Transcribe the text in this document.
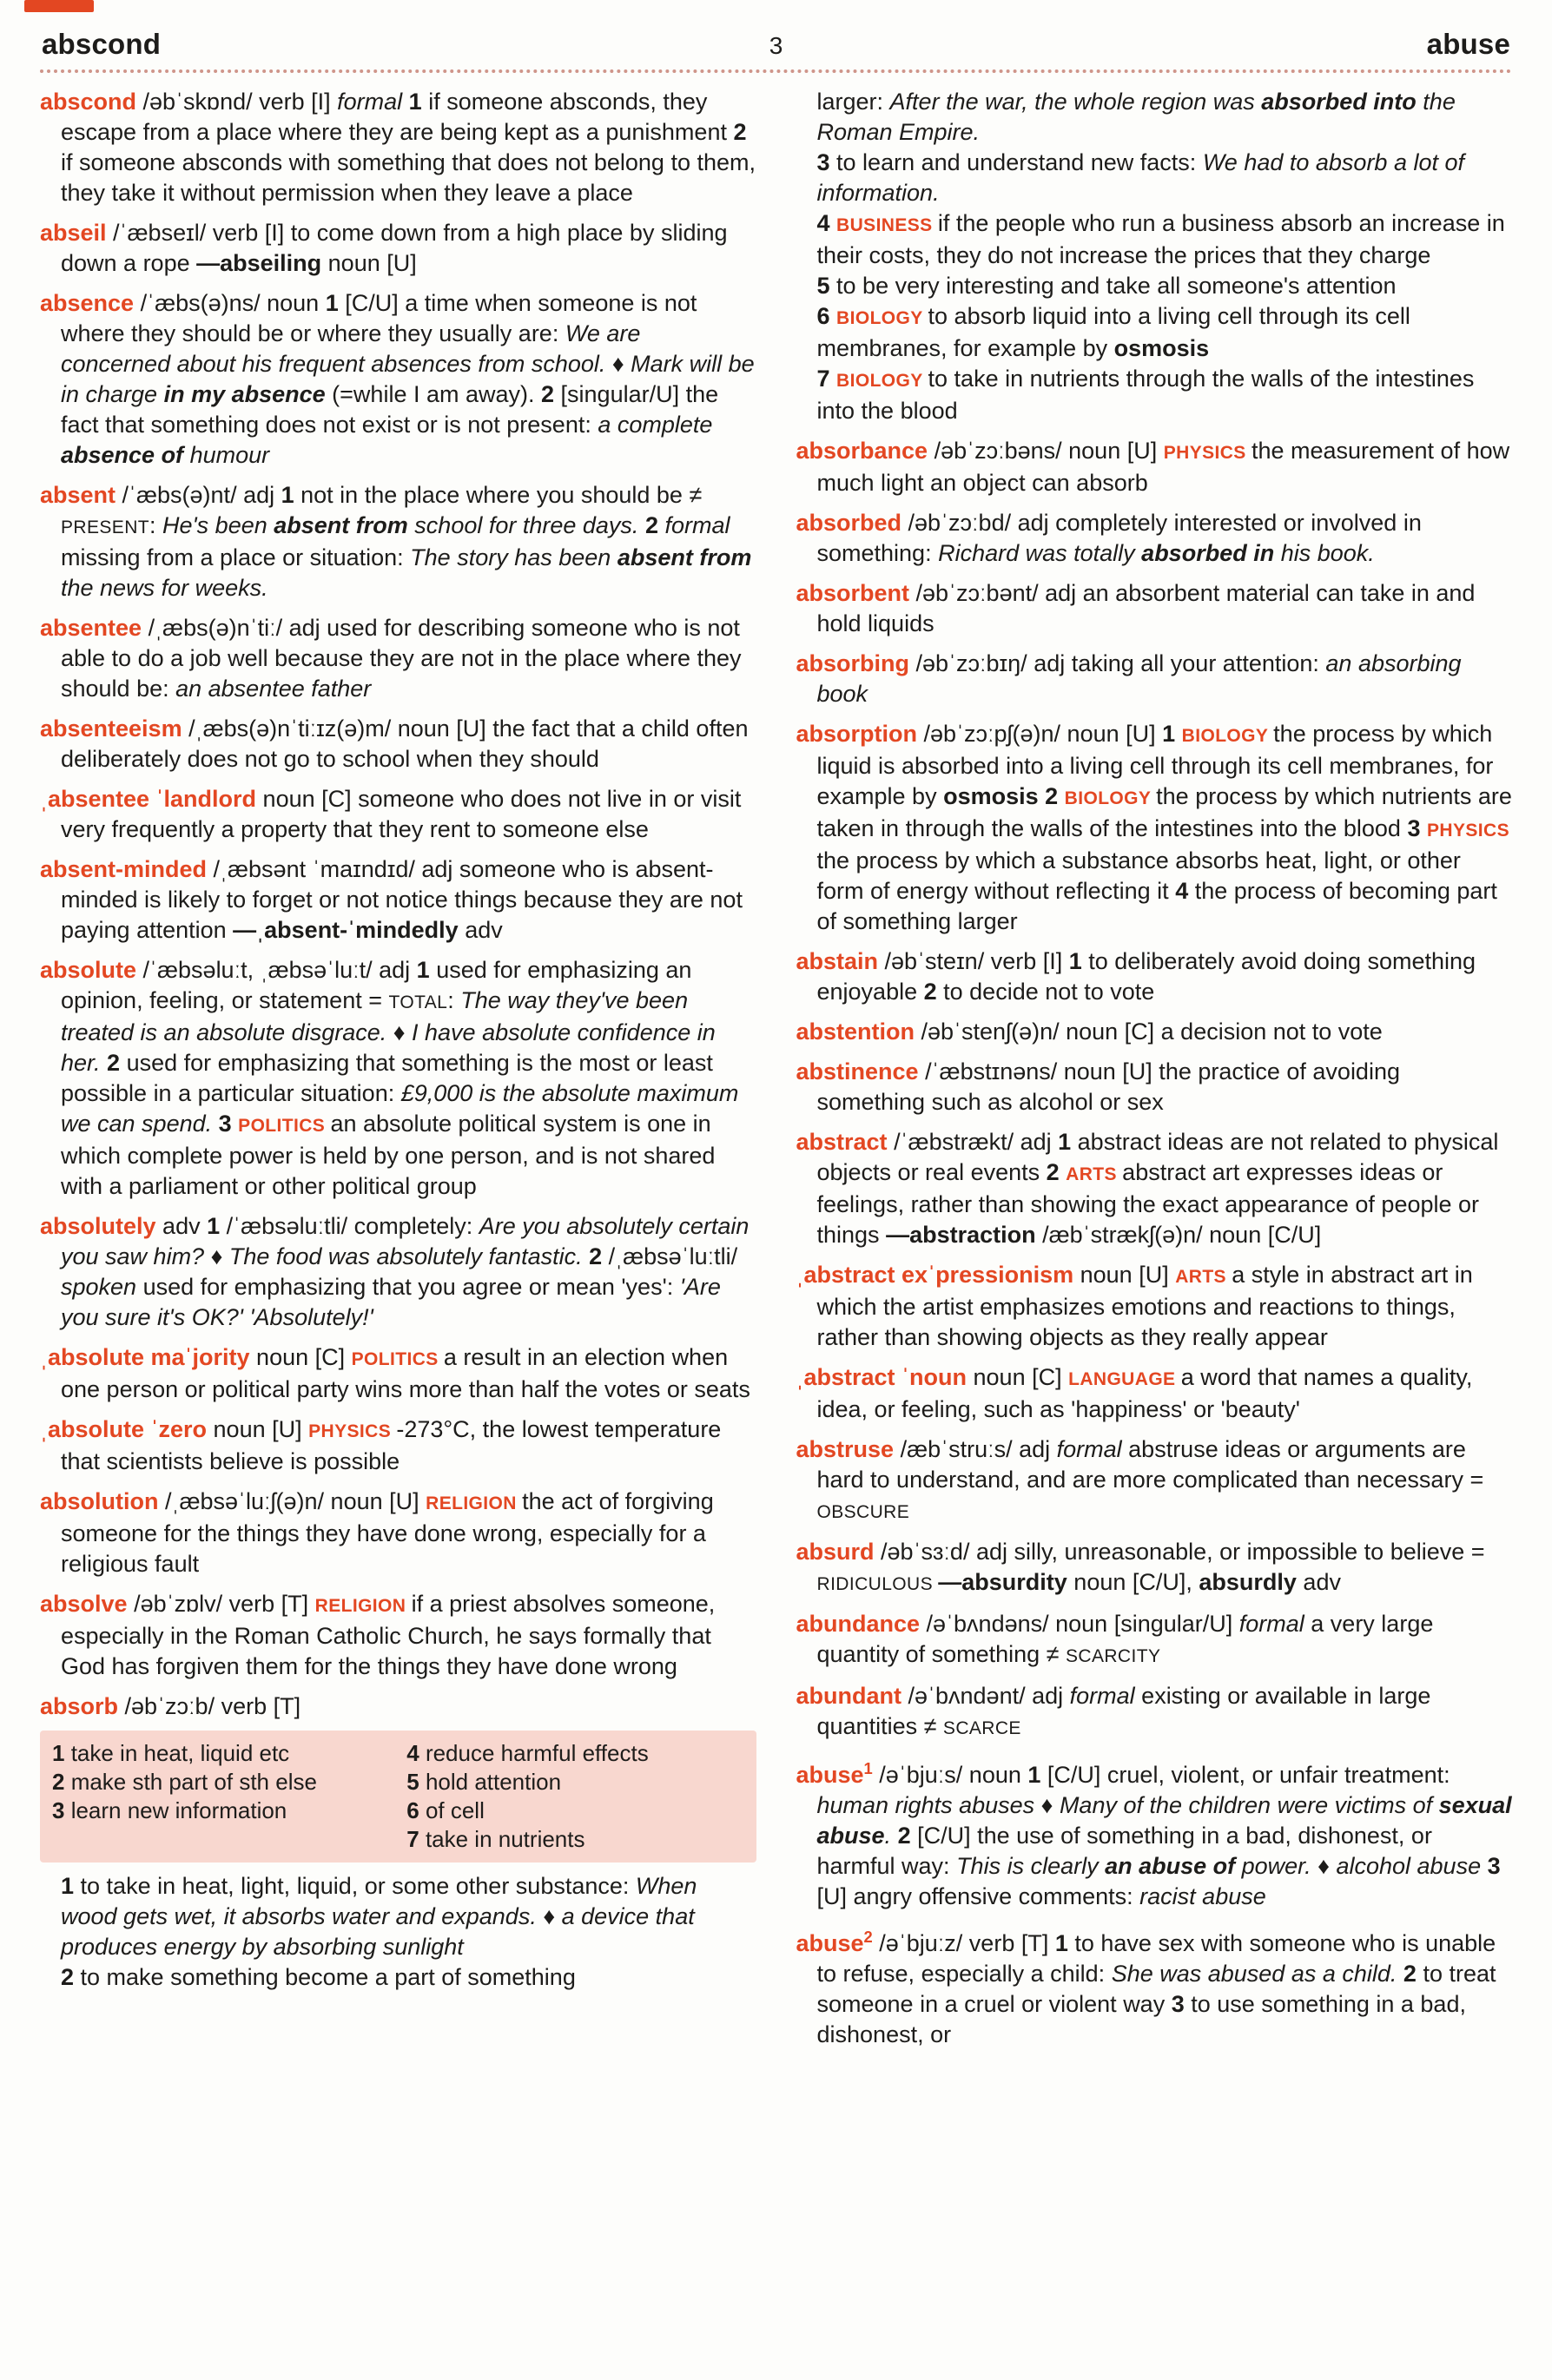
abscond	3	abuse

abscond /əbˈskɒnd/ verb [I] formal 1 if someone absconds, they escape from a place where they are being kept as a punishment 2 if someone absconds with something that does not belong to them, they take it without permission when they leave a place

abseil /ˈæbseɪl/ verb [I] to come down from a high place by sliding down a rope —abseiling noun [U]

absence /ˈæbs(ə)ns/ noun 1 [C/U] a time when someone is not where they should be or where they usually are: We are concerned about his frequent absences from school. ♦ Mark will be in charge in my absence (=while I am away). 2 [singular/U] the fact that something does not exist or is not present: a complete absence of humour

absent /ˈæbs(ə)nt/ adj 1 not in the place where you should be ≠ PRESENT: He's been absent from school for three days. 2 formal missing from a place or situation: The story has been absent from the news for weeks.

absentee /ˌæbs(ə)nˈtiː/ adj used for describing someone who is not able to do a job well because they are not in the place where they should be: an absentee father

absenteeism /ˌæbs(ə)nˈtiːɪz(ə)m/ noun [U] the fact that a child often deliberately does not go to school when they should

ˌabsentee ˈlandlord noun [C] someone who does not live in or visit very frequently a property that they rent to someone else

absent-minded /ˌæbsənt ˈmaɪndɪd/ adj someone who is absent-minded is likely to forget or not notice things because they are not paying attention —ˌabsent-ˈmindedly adv

absolute /ˈæbsəluːt, ˌæbsəˈluːt/ adj 1 used for emphasizing an opinion, feeling, or statement = TOTAL: The way they've been treated is an absolute disgrace. ♦ I have absolute confidence in her. 2 used for emphasizing that something is the most or least possible in a particular situation: £9,000 is the absolute maximum we can spend. 3 POLITICS an absolute political system is one in which complete power is held by one person, and is not shared with a parliament or other political group

absolutely adv 1 /ˈæbsəluːtli/ completely: Are you absolutely certain you saw him? ♦ The food was absolutely fantastic. 2 /ˌæbsəˈluːtli/ spoken used for emphasizing that you agree or mean 'yes': 'Are you sure it's OK?' 'Absolutely!'

ˌabsolute maˈjority noun [C] POLITICS a result in an election when one person or political party wins more than half the votes or seats

ˌabsolute ˈzero noun [U] PHYSICS -273°C, the lowest temperature that scientists believe is possible

absolution /ˌæbsəˈluːʃ(ə)n/ noun [U] RELIGION the act of forgiving someone for the things they have done wrong, especially for a religious fault

absolve /əbˈzɒlv/ verb [T] RELIGION if a priest absolves someone, especially in the Roman Catholic Church, he says formally that God has forgiven them for the things they have done wrong

absorb /əbˈzɔːb/ verb [T]

1 take in heat, liquid etc
2 make sth part of sth else
3 learn new information
4 reduce harmful effects
5 hold attention
6 of cell
7 take in nutrients

1 to take in heat, light, liquid, or some other substance: When wood gets wet, it absorbs water and expands. ♦ a device that produces energy by absorbing sunlight

2 to make something become a part of something

larger: After the war, the whole region was absorbed into the Roman Empire.

3 to learn and understand new facts: We had to absorb a lot of information.

4 BUSINESS if the people who run a business absorb an increase in their costs, they do not increase the prices that they charge

5 to be very interesting and take all someone's attention

6 BIOLOGY to absorb liquid into a living cell through its cell membranes, for example by osmosis

7 BIOLOGY to take in nutrients through the walls of the intestines into the blood

absorbance /əbˈzɔːbəns/ noun [U] PHYSICS the measurement of how much light an object can absorb

absorbed /əbˈzɔːbd/ adj completely interested or involved in something: Richard was totally absorbed in his book.

absorbent /əbˈzɔːbənt/ adj an absorbent material can take in and hold liquids

absorbing /əbˈzɔːbɪŋ/ adj taking all your attention: an absorbing book

absorption /əbˈzɔːpʃ(ə)n/ noun [U] 1 BIOLOGY the process by which liquid is absorbed into a living cell through its cell membranes, for example by osmosis 2 BIOLOGY the process by which nutrients are taken in through the walls of the intestines into the blood 3 PHYSICS the process by which a substance absorbs heat, light, or other form of energy without reflecting it 4 the process of becoming part of something larger

abstain /əbˈsteɪn/ verb [I] 1 to deliberately avoid doing something enjoyable 2 to decide not to vote

abstention /əbˈstenʃ(ə)n/ noun [C] a decision not to vote

abstinence /ˈæbstɪnəns/ noun [U] the practice of avoiding something such as alcohol or sex

abstract /ˈæbstrækt/ adj 1 abstract ideas are not related to physical objects or real events 2 ARTS abstract art expresses ideas or feelings, rather than showing the exact appearance of people or things —abstraction /æbˈstrækʃ(ə)n/ noun [C/U]

ˌabstract exˈpressionism noun [U] ARTS a style in abstract art in which the artist emphasizes emotions and reactions to things, rather than showing objects as they really appear

ˌabstract ˈnoun noun [C] LANGUAGE a word that names a quality, idea, or feeling, such as 'happiness' or 'beauty'

abstruse /æbˈstruːs/ adj formal abstruse ideas or arguments are hard to understand, and are more complicated than necessary = OBSCURE

absurd /əbˈsɜːd/ adj silly, unreasonable, or impossible to believe = RIDICULOUS —absurdity noun [C/U], absurdly adv

abundance /əˈbʌndəns/ noun [singular/U] formal a very large quantity of something ≠ SCARCITY

abundant /əˈbʌndənt/ adj formal existing or available in large quantities ≠ SCARCE

abuse$^1$ /əˈbjuːs/ noun 1 [C/U] cruel, violent, or unfair treatment: human rights abuses ♦ Many of the children were victims of sexual abuse. 2 [C/U] the use of something in a bad, dishonest, or harmful way: This is clearly an abuse of power. ♦ alcohol abuse 3 [U] angry offensive comments: racist abuse

abuse$^2$ /əˈbjuːz/ verb [T] 1 to have sex with someone who is unable to refuse, especially a child: She was abused as a child. 2 to treat someone in a cruel or violent way 3 to use something in a bad, dishonest, or
